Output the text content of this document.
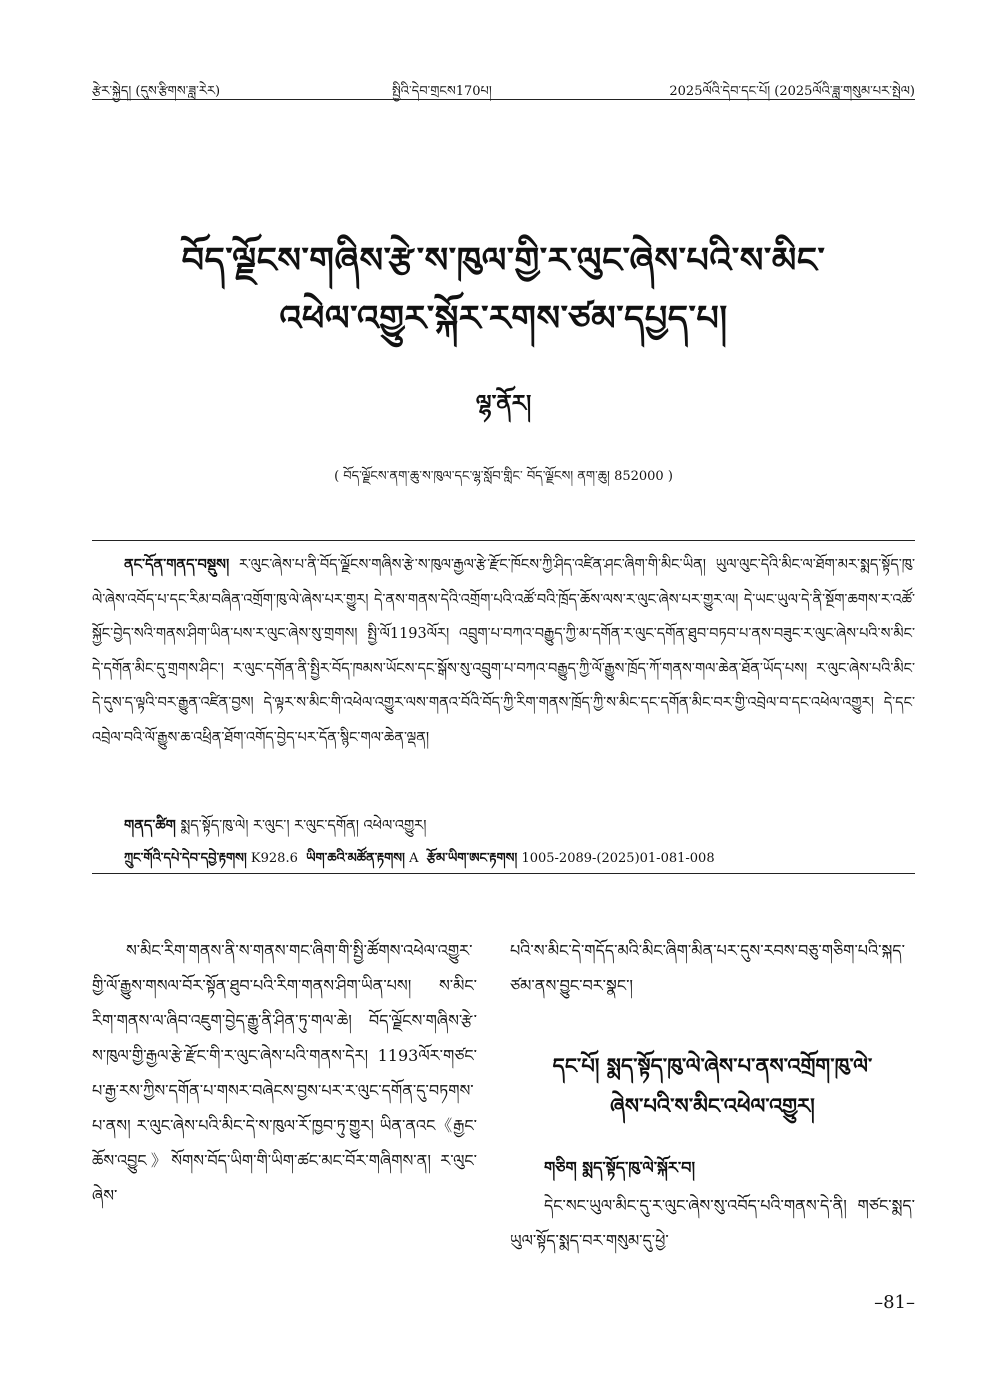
རྩེར་སྐྱེད། (དུས་རྩིགས་ཟླ་རེར)	སྤྱིའི་དེབ་གྲངས170པ།	2025ལོའི་དེབ་དང་པོ། (2025ལོའི་ཟླ་གསུམ་པར་སྤེལ)
བོད་ལྗོངས་གཞིས་རྩེ་ས་ཁུལ་གྱི་ར་ལུང་ཞེས་པའི་ས་མིང་
འཕེལ་འགྱུར་སྐོར་རགས་ཙམ་དཔྱད་པ།
ལྷ་ནོར།
( བོད་ལྗོངས་ནག་ཆུ་ས་ཁུལ་དང་ལྷ་སློབ་གླིང་ བོད་ལྗོངས། ནག་ཆུ། 852000 )

ནང་དོན་གནད་བསྡུས། ར་ལུང་ཞེས་པ་ནི་བོད་ལྗོངས་གཞིས་རྩེ་ས་ཁུལ་རྒྱལ་རྩེ་རྫོང་ཁོངས་ཀྱི་ཤིད་འཛིན་ཤང་ཞིག་གི་མིང་ཡིན། ཡུལ་ལུང་དེའི་མིང་ལ་ཐོག་མར་སྨད་སྟོད་ཁུ་ལེ་ཞེས་འབོད་པ་དང་རིམ་བཞིན་འགྲོག་ཁུ་ལེ་ཞེས་པར་གྱུར། དེ་ནས་གནས་དེའི་འགྲོག་པའི་འཚོ་བའི་ཁྲོད་ཆོས་ལས་ར་ལུང་ཞེས་པར་གྱུར་ལ། དེ་ཡང་ཡུལ་དེ་ནི་སྔོག་ཆགས་ར་འཚོ་སྐྱོང་བྱེད་སའི་གནས་ཤིག་ཡིན་པས་ར་ལུང་ཞེས་སུ་གྲགས། སྤྱི་ལོ1193ལོར། འབྲུག་པ་བཀའ་བརྒྱུད་ཀྱི་མ་དགོན་ར་ལུང་དགོན་ཐུབ་བཏབ་པ་ནས་བཟུང་ར་ལུང་ཞེས་པའི་ས་མིང་དེ་དགོན་མིང་དུ་གྲགས་ཤིང་། ར་ལུང་དགོན་ནི་སྤྱིར་བོད་ཁམས་ཡོངས་དང་སྒོས་སུ་འབྲུག་པ་བཀའ་བརྒྱུད་ཀྱི་ལོ་རྒྱུས་ཁྲོད་ཀོ་གནས་གལ་ཆེན་ཐོན་ཡོད་པས། ར་ལུང་ཞེས་པའི་མིང་དེ་དུས་ད་ལྟའི་བར་རྒྱུན་འཛིན་བྱས། དེ་ལྟར་ས་མིང་གི་འཕེལ་འགྱུར་ལས་གནའ་བོའི་བོད་ཀྱི་རིག་གནས་ཁྲོད་ཀྱི་ས་མིང་དང་དགོན་མིང་བར་གྱི་འབྲེལ་བ་དང་འཕེལ་འགྱུར། དེ་དང་འབྲེལ་བའི་ལོ་རྒྱུས་ཆ་འཕྲིན་ཐོག་འགོད་བྱེད་པར་དོན་སྙིང་གལ་ཆེན་ལྡན།

གནད་ཚིག སྨད་སྟོད་ཁུ་ལེ། ར་ལུང་། ར་ལུང་དགོན། འཕེལ་འགྱུར།
ཀྲུང་གོའི་དཔེ་དེབ་དབྱེ་རྟགས། K928.6 ཡིག་ཆའི་མཚོན་རྟགས། A རྩོམ་ཡིག་ཨང་རྟགས། 1005-2089-(2025)01-081-008

ས་མིང་རིག་གནས་ནི་ས་གནས་གང་ཞིག་གི་སྤྱི་ཚོགས་འཕེལ་འགྱུར་གྱི་ལོ་རྒྱུས་གསལ་བོར་སྟོན་ཐུབ་པའི་རིག་གནས་ཤིག་ཡིན་པས། ས་མིང་རིག་གནས་ལ་ཞིབ་འཇུག་བྱེད་རྒྱུ་ནི་ཤིན་ཏུ་གལ་ཆེ། བོད་ལྗོངས་གཞིས་རྩེ་ས་ཁུལ་གྱི་རྒྱལ་རྩེ་རྫོང་གི་ར་ལུང་ཞེས་པའི་གནས་དེར། 1193ལོར་གཙང་པ་རྒྱ་རས་ཀྱིས་དགོན་པ་གསར་བཞེངས་བྱས་པར་ར་ལུང་དགོན་དུ་བཏགས་པ་ནས། ར་ལུང་ཞེས་པའི་མིང་དེ་ས་ཁུལ་ཪོ་ཁྱབ་ཏུ་གྱུར། ཡིན་ནའང《རྒྱང་ཆོས་འབྱུང》སོགས་བོད་ཡིག་གི་ཡིག་ཚང་མང་བོར་གཞིགས་ན། ར་ལུང་ཞེས་

པའི་ས་མིང་དེ་གདོད་མའི་མིང་ཞིག་མིན་པར་དུས་རབས་བཅུ་གཅིག་པའི་སྐད་ཙམ་ནས་བྱུང་བར་སྣང་།

དང་པོ། སྨད་སྟོད་ཁུ་ལེ་ཞེས་པ་ནས་འགྲོག་ཁུ་ལེ་
ཞེས་པའི་ས་མིང་འཕེལ་འགྱུར།
གཅིག སྨད་སྟོད་ཁུ་ལེ་སྐོར་བ།

དེང་སང་ཡུལ་མིང་དུ་ར་ལུང་ཞེས་སུ་འབོད་པའི་གནས་དེ་ནི། གཙང་སྨད་ཡུལ་སྟོད་སྨད་བར་གསུམ་དུ་ཕྱེ་

–81–
